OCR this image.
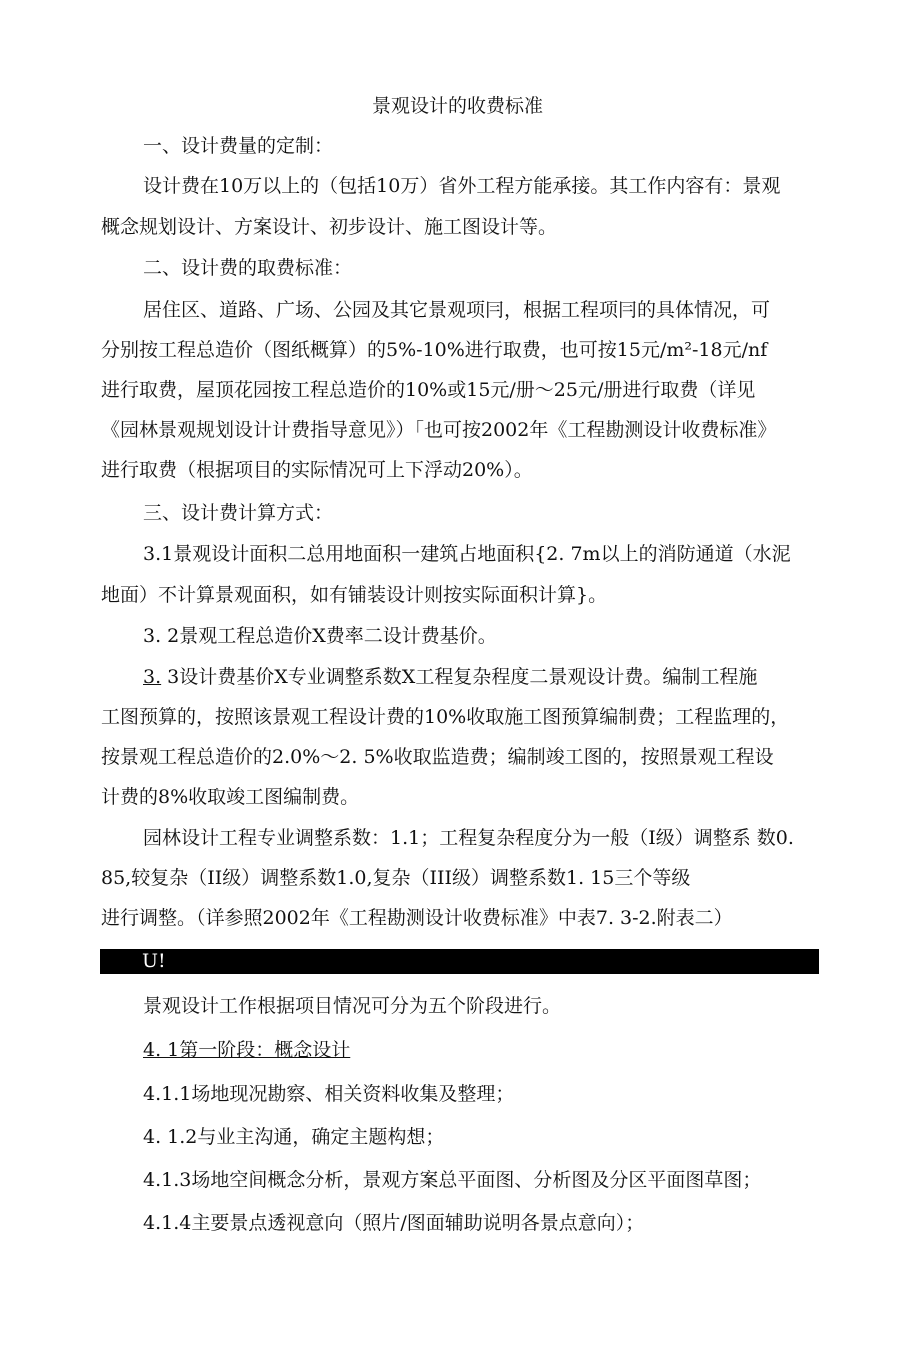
景观设计的收费标准
一、设计费量的定制：
设计费在10万以上的（包括10万）省外工程方能承接。其工作内容有：景观
概念规划设计、方案设计、初步设计、施工图设计等。
二、设计费的取费标准：
居住区、道路、广场、公园及其它景观项冃，根据工程项冃的具体情况，可
分别按工程总造价（图纸概算）的5%-10%进行取费，也可按15元/m²-18元/nf
进行取费，屋顶花园按工程总造价的10%或15元/册～25元/册进行取费（详见
《园林景观规划设计计费指导意见》）「也可按2002年《工程勘测设计收费标准》
进行取费（根据项目的实际情况可上下浮动20%）。
三、设计费计算方式：
3.1景观设计面积二总用地面积一建筑占地面积{2. 7m以上的消防通道（水泥
地面）不计算景观面积，如有铺装设计则按实际面积计算}。
3. 2景观工程总造价X费率二设计费基价。
3. 3设计费基价X专业调整系数X工程复杂程度二景观设计费。编制工程施
工图预算的，按照该景观工程设计费的10%收取施工图预算编制费；工程监理的，
按景观工程总造价的2.0%～2. 5%收取监造费；编制竣工图的，按照景观工程设
计费的8%收取竣工图编制费。
园林设计工程专业调整系数：1.1；工程复杂程度分为一般（I级）调整系 数0.
85,较复杂（II级）调整系数1.0,复杂（III级）调整系数1. 15三个等级
进行调整。（详参照2002年《工程勘测设计收费标准》中表7. 3-2.附表二）
U!
景观设计工作根据项目情况可分为五个阶段进行。
4. 1第一阶段：概念设计
4.1.1场地现况勘察、相关资料收集及整理；
4. 1.2与业主沟通，确定主题构想；
4.1.3场地空间概念分析，景观方案总平面图、分析图及分区平面图草图；
4.1.4主要景点透视意向（照片/图面辅助说明各景点意向）；
